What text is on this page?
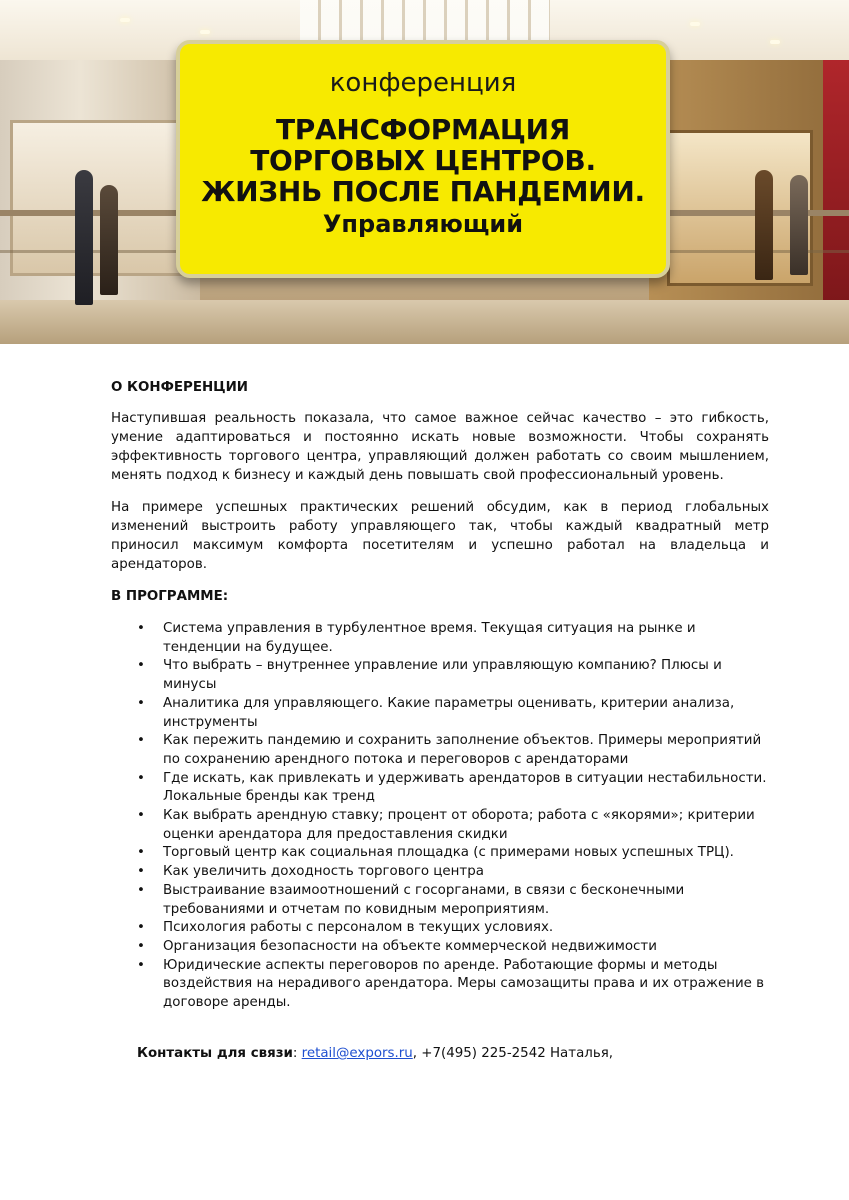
конференция
ТРАНСФОРМАЦИЯ
ТОРГОВЫХ ЦЕНТРОВ.
ЖИЗНЬ ПОСЛЕ ПАНДЕМИИ.
Управляющий
О КОНФЕРЕНЦИИ
Наступившая реальность показала, что самое важное сейчас качество – это гибкость, умение адаптироваться и постоянно искать новые возможности. Чтобы сохранять эффективность торгового центра, управляющий должен работать со своим мышлением, менять подход к бизнесу и каждый день повышать свой профессиональный уровень.
На примере успешных практических решений обсудим, как в период глобальных изменений выстроить работу управляющего так, чтобы каждый квадратный метр приносил максимум комфорта посетителям и успешно работал на владельца и арендаторов.
В ПРОГРАММЕ:
• Система управления в турбулентное время. Текущая ситуация на рынке и тенденции на будущее.
• Что выбрать – внутреннее управление или управляющую компанию? Плюсы и минусы
• Аналитика для управляющего. Какие параметры оценивать, критерии анализа, инструменты
• Как пережить пандемию и сохранить заполнение объектов. Примеры мероприятий по сохранению арендного потока и переговоров с арендаторами
• Где искать, как привлекать и удерживать арендаторов в ситуации нестабильности. Локальные бренды как тренд
• Как выбрать арендную ставку; процент от оборота; работа с «якорями»; критерии оценки арендатора для предоставления скидки
• Торговый центр как социальная площадка (с примерами новых успешных ТРЦ).
• Как увеличить доходность торгового центра
• Выстраивание взаимоотношений с госорганами, в связи с бесконечными требованиями и отчетам по ковидным мероприятиям.
• Психология работы с персоналом в текущих условиях.
• Организация безопасности на объекте коммерческой недвижимости
• Юридические аспекты переговоров по аренде. Работающие формы и методы воздействия на нерадивого арендатора. Меры самозащиты права и их отражение в договоре аренды.
Контакты для связи: retail@expors.ru, +7(495) 225-2542 Наталья,
